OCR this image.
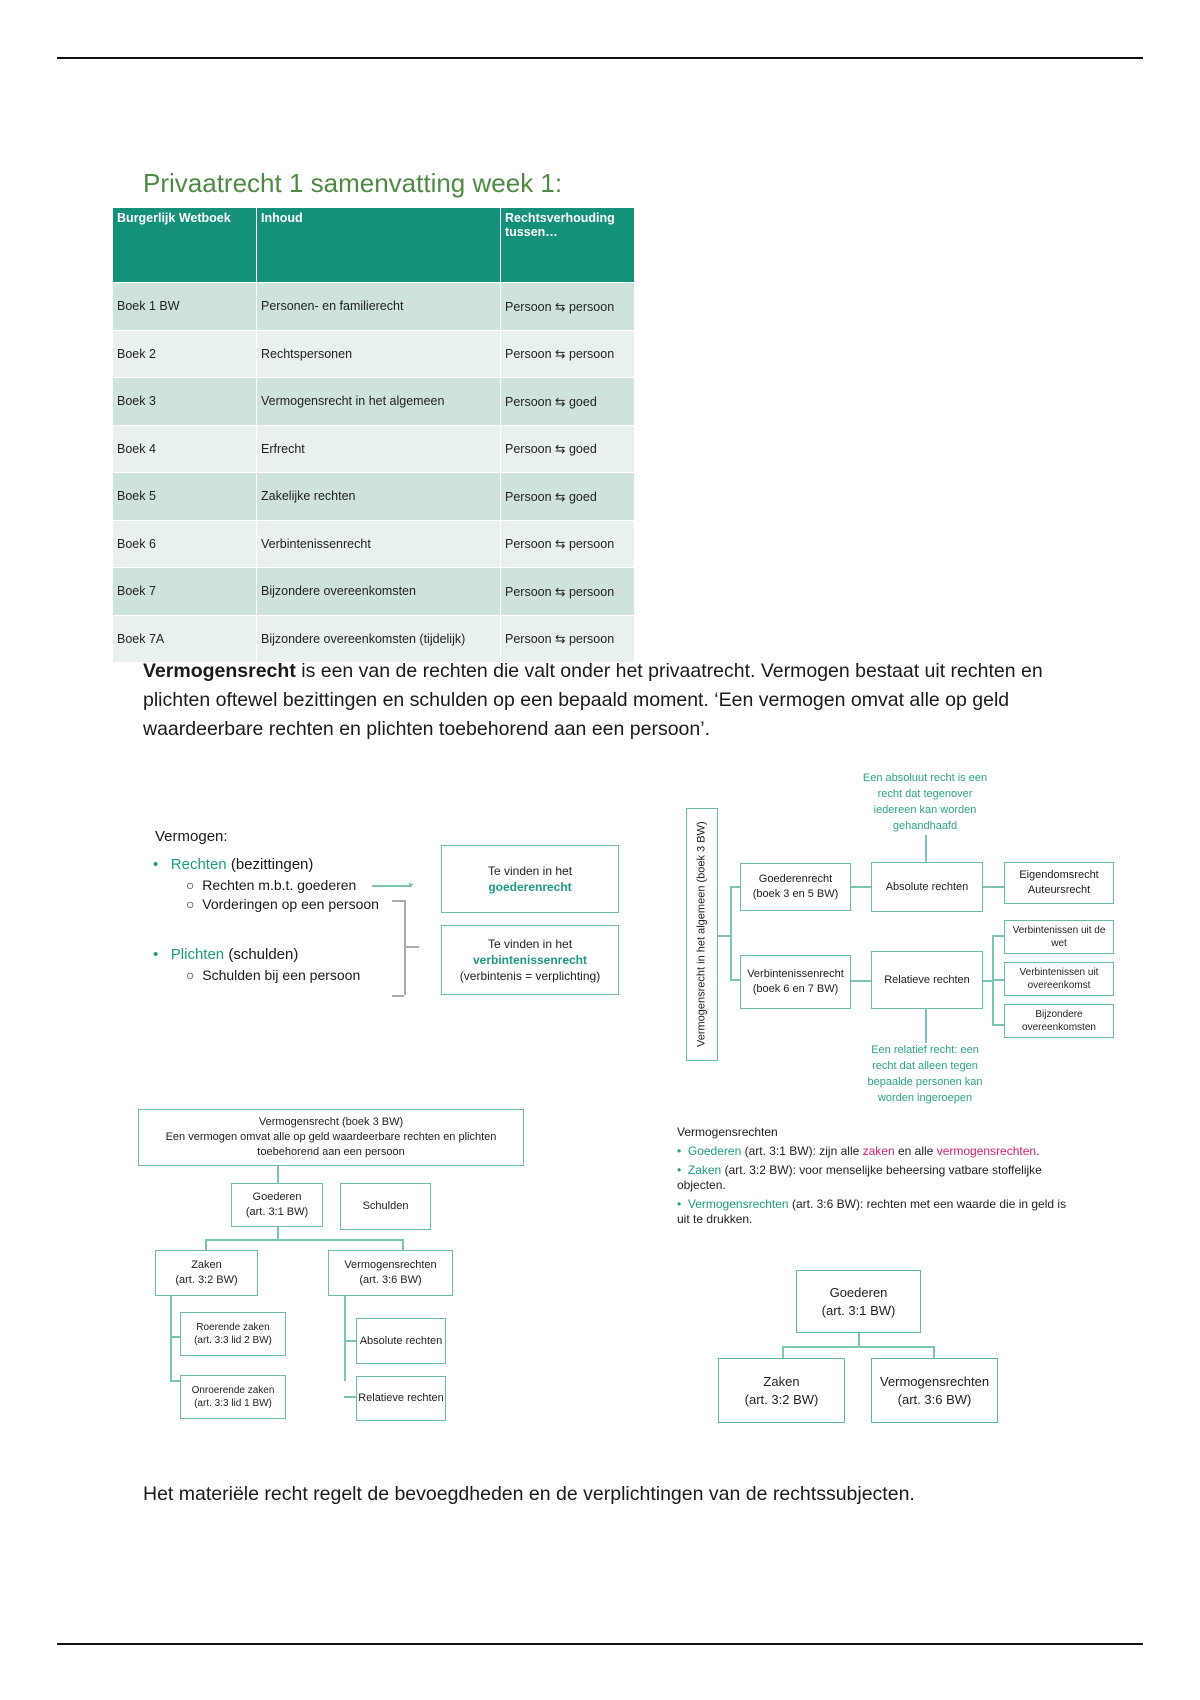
Privaatrecht 1 samenvatting week 1:
Burgerlijk Wetboek	Inhoud	Rechtsverhouding tussen…
Boek 1 BW	Personen- en familierecht	Persoon ⇆ persoon
Boek 2	Rechtspersonen	Persoon ⇆ persoon
Boek 3	Vermogensrecht in het algemeen	Persoon ⇆ goed
Boek 4	Erfrecht	Persoon ⇆ goed
Boek 5	Zakelijke rechten	Persoon ⇆ goed
Boek 6	Verbintenissenrecht	Persoon ⇆ persoon
Boek 7	Bijzondere overeenkomsten	Persoon ⇆ persoon
Boek 7A	Bijzondere overeenkomsten (tijdelijk)	Persoon ⇆ persoon

Vermogensrecht is een van de rechten die valt onder het privaatrecht. Vermogen bestaat uit rechten en plichten oftewel bezittingen en schulden op een bepaald moment. ‘Een vermogen omvat alle op geld waardeerbare rechten en plichten toebehorend aan een persoon’.

Vermogen:
• Rechten (bezittingen)
○ Rechten m.b.t. goederen
○ Vorderingen op een persoon
• Plichten (schulden)
○ Schulden bij een persoon
▸
Te vinden in het
goederenrecht
Te vinden in het
verbintenissenrecht
(verbintenis = verplichting)
Een absoluut recht is een recht dat tegenover iedereen kan worden gehandhaafd
Vermogensrecht in het algemeen (boek 3 BW)	Goederenrecht
(boek 3 en 5 BW)
Verbintenissenrecht
(boek 6 en 7 BW)
Absolute rechten
Relatieve rechten
Eigendomsrecht
Auteursrecht
Verbintenissen uit de wet
Verbintenissen uit overeenkomst
Bijzondere overeenkomsten
Een relatief recht: een recht dat alleen tegen bepaalde personen kan worden ingeroepen
Vermogensrecht (boek 3 BW)
Een vermogen omvat alle op geld waardeerbare rechten en plichten toebehorend aan een persoon
Goederen
(art. 3:1 BW)	Schulden
Zaken
(art. 3:2 BW)
Vermogensrechten
(art. 3:6 BW)
Roerende zaken
(art. 3:3 lid 2 BW)
Onroerende zaken
(art. 3:3 lid 1 BW)
Absolute rechten
Relatieve rechten

Vermogensrechten

• Goederen (art. 3:1 BW): zijn alle zaken en alle vermogensrechten.

• Zaken (art. 3:2 BW): voor menselijke beheersing vatbare stoffelijke objecten.

• Vermogensrechten (art. 3:6 BW): rechten met een waarde die in geld is uit te drukken.

Goederen
(art. 3:1 BW)
Zaken
(art. 3:2 BW)
Vermogensrechten
(art. 3:6 BW)

Het materiële recht regelt de bevoegdheden en de verplichtingen van de rechtssubjecten.
